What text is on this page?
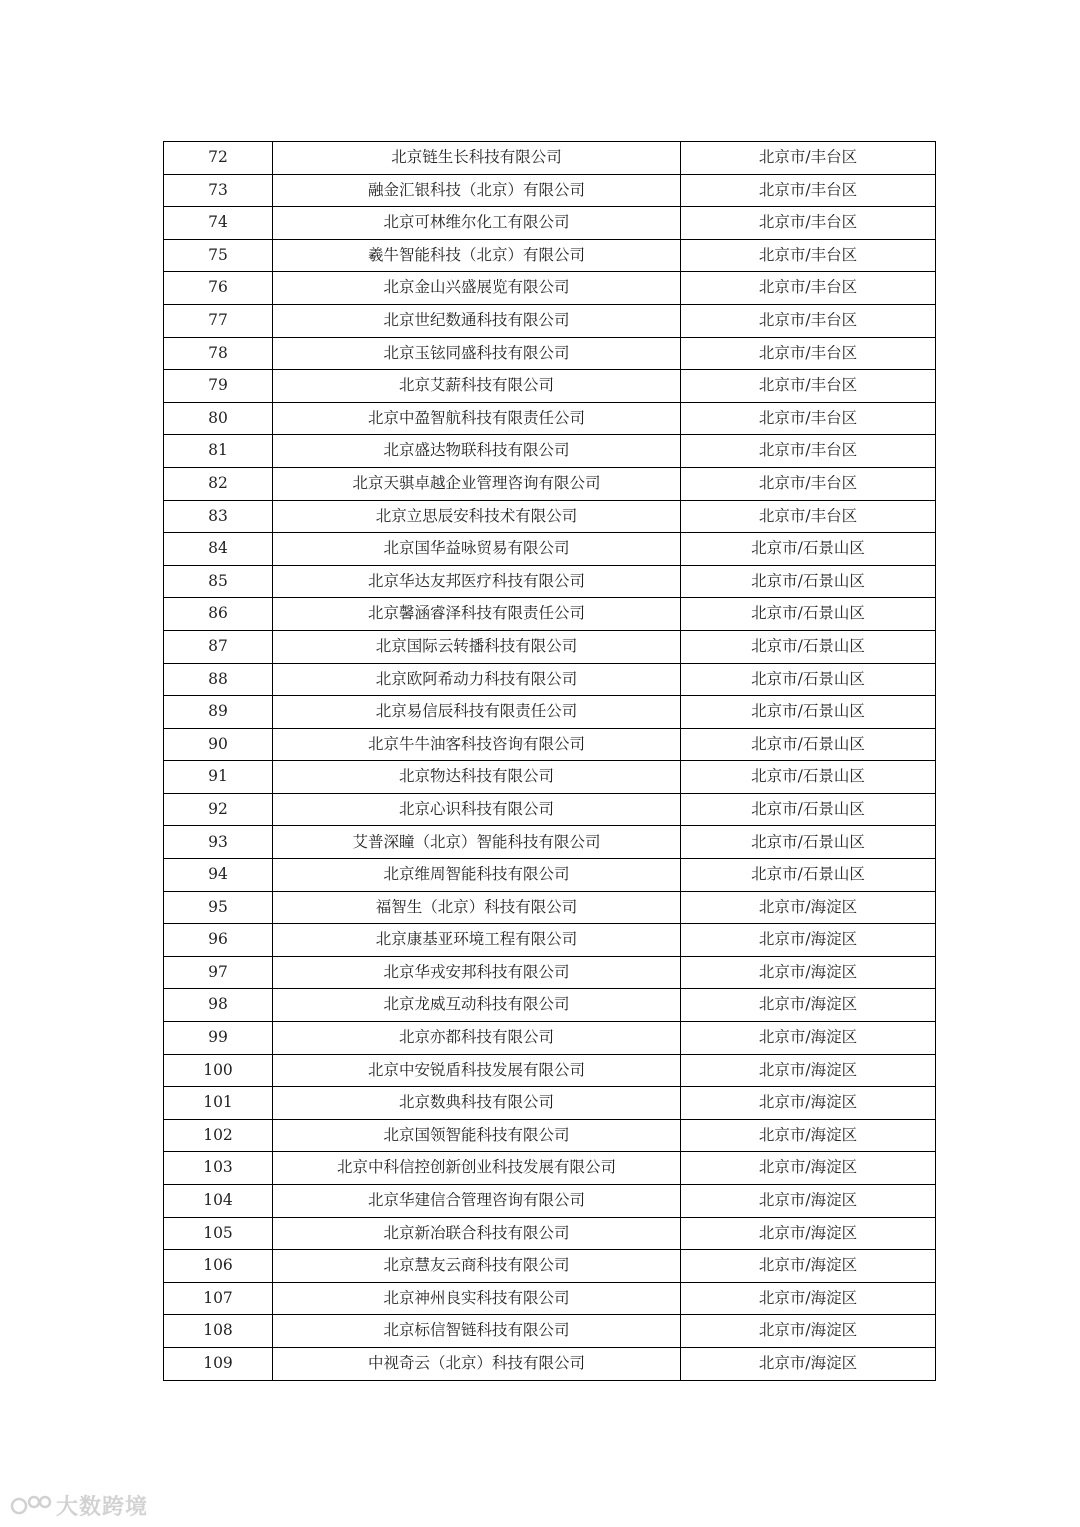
72	北京链生长科技有限公司	北京市/丰台区
73	融金汇银科技（北京）有限公司	北京市/丰台区
74	北京可林维尔化工有限公司	北京市/丰台区
75	羲牛智能科技（北京）有限公司	北京市/丰台区
76	北京金山兴盛展览有限公司	北京市/丰台区
77	北京世纪数通科技有限公司	北京市/丰台区
78	北京玉铉同盛科技有限公司	北京市/丰台区
79	北京艾薪科技有限公司	北京市/丰台区
80	北京中盈智航科技有限责任公司	北京市/丰台区
81	北京盛达物联科技有限公司	北京市/丰台区
82	北京天骐卓越企业管理咨询有限公司	北京市/丰台区
83	北京立思辰安科技术有限公司	北京市/丰台区
84	北京国华益咏贸易有限公司	北京市/石景山区
85	北京华达友邦医疗科技有限公司	北京市/石景山区
86	北京馨涵睿泽科技有限责任公司	北京市/石景山区
87	北京国际云转播科技有限公司	北京市/石景山区
88	北京欧阿希动力科技有限公司	北京市/石景山区
89	北京易信辰科技有限责任公司	北京市/石景山区
90	北京牛牛油客科技咨询有限公司	北京市/石景山区
91	北京物达科技有限公司	北京市/石景山区
92	北京心识科技有限公司	北京市/石景山区
93	艾普深瞳（北京）智能科技有限公司	北京市/石景山区
94	北京维周智能科技有限公司	北京市/石景山区
95	福智生（北京）科技有限公司	北京市/海淀区
96	北京康基亚环境工程有限公司	北京市/海淀区
97	北京华戎安邦科技有限公司	北京市/海淀区
98	北京龙威互动科技有限公司	北京市/海淀区
99	北京亦都科技有限公司	北京市/海淀区
100	北京中安锐盾科技发展有限公司	北京市/海淀区
101	北京数典科技有限公司	北京市/海淀区
102	北京国领智能科技有限公司	北京市/海淀区
103	北京中科信控创新创业科技发展有限公司	北京市/海淀区
104	北京华建信合管理咨询有限公司	北京市/海淀区
105	北京新冶联合科技有限公司	北京市/海淀区
106	北京慧友云商科技有限公司	北京市/海淀区
107	北京神州良实科技有限公司	北京市/海淀区
108	北京标信智链科技有限公司	北京市/海淀区
109	中视奇云（北京）科技有限公司	北京市/海淀区
大数跨境
